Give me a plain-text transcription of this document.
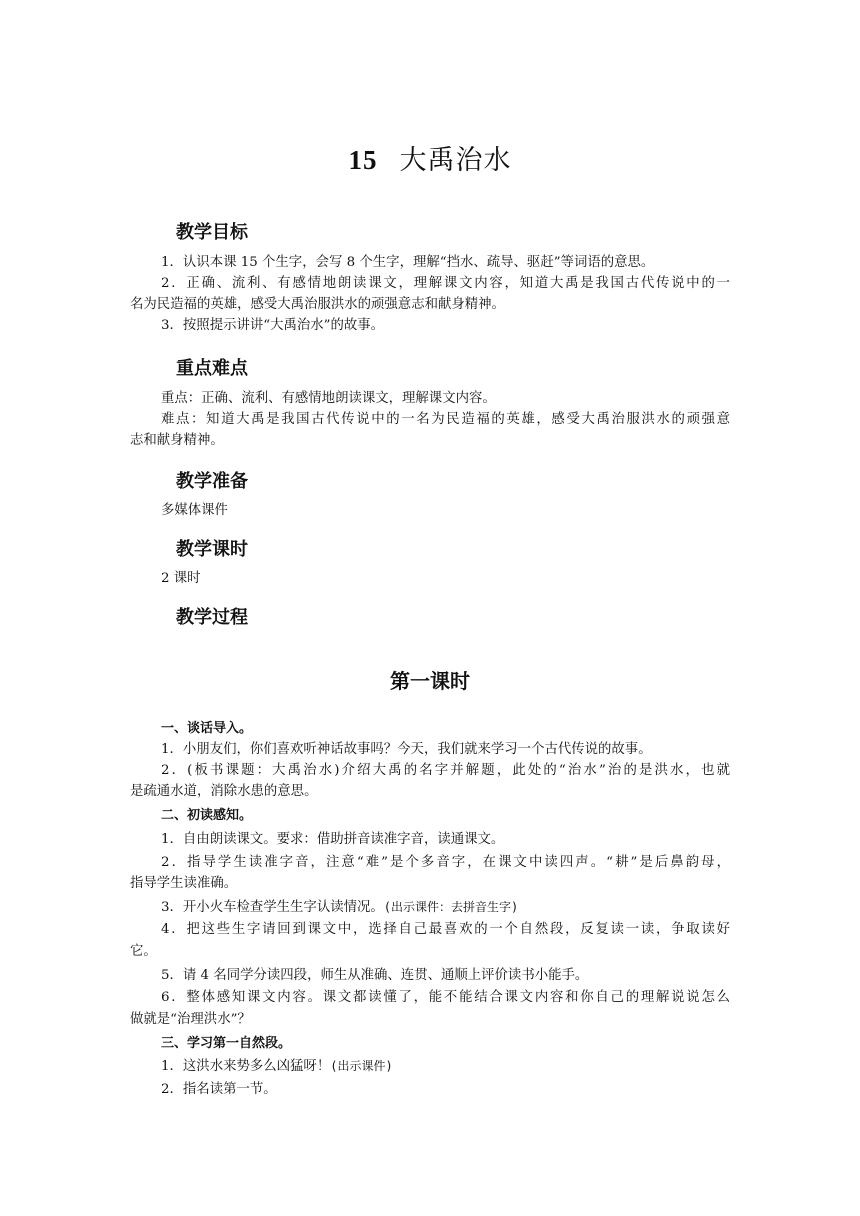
15 大禹治水
教学目标
1．认识本课 15 个生字，会写 8 个生字，理解“挡水、疏导、驱赶”等词语的意思。
2．正确、流利、有感情地朗读课文，理解课文内容，知道大禹是我国古代传说中的一
名为民造福的英雄，感受大禹治服洪水的顽强意志和献身精神。
3．按照提示讲讲“大禹治水”的故事。
重点难点
重点：正确、流利、有感情地朗读课文，理解课文内容。
难点：知道大禹是我国古代传说中的一名为民造福的英雄，感受大禹治服洪水的顽强意
志和献身精神。
教学准备
多媒体课件
教学课时
2 课时
教学过程
第一课时
一、谈话导入。
1．小朋友们，你们喜欢听神话故事吗？今天，我们就来学习一个古代传说的故事。
2．(板书课题：大禹治水)介绍大禹的名字并解题，此处的“治水”治的是洪水，也就
是疏通水道，消除水患的意思。
二、初读感知。
1．自由朗读课文。要求：借助拼音读准字音，读通课文。
2．指导学生读准字音，注意“难”是个多音字，在课文中读四声。“耕”是后鼻韵母，
指导学生读准确。
3．开小火车检查学生生字认读情况。(出示课件：去拼音生字)
4．把这些生字请回到课文中，选择自己最喜欢的一个自然段，反复读一读，争取读好
它。
5．请 4 名同学分读四段，师生从准确、连贯、通顺上评价读书小能手。
6．整体感知课文内容。课文都读懂了，能不能结合课文内容和你自己的理解说说怎么
做就是“治理洪水”？
三、学习第一自然段。
1．这洪水来势多么凶猛呀！(出示课件)
2．指名读第一节。
